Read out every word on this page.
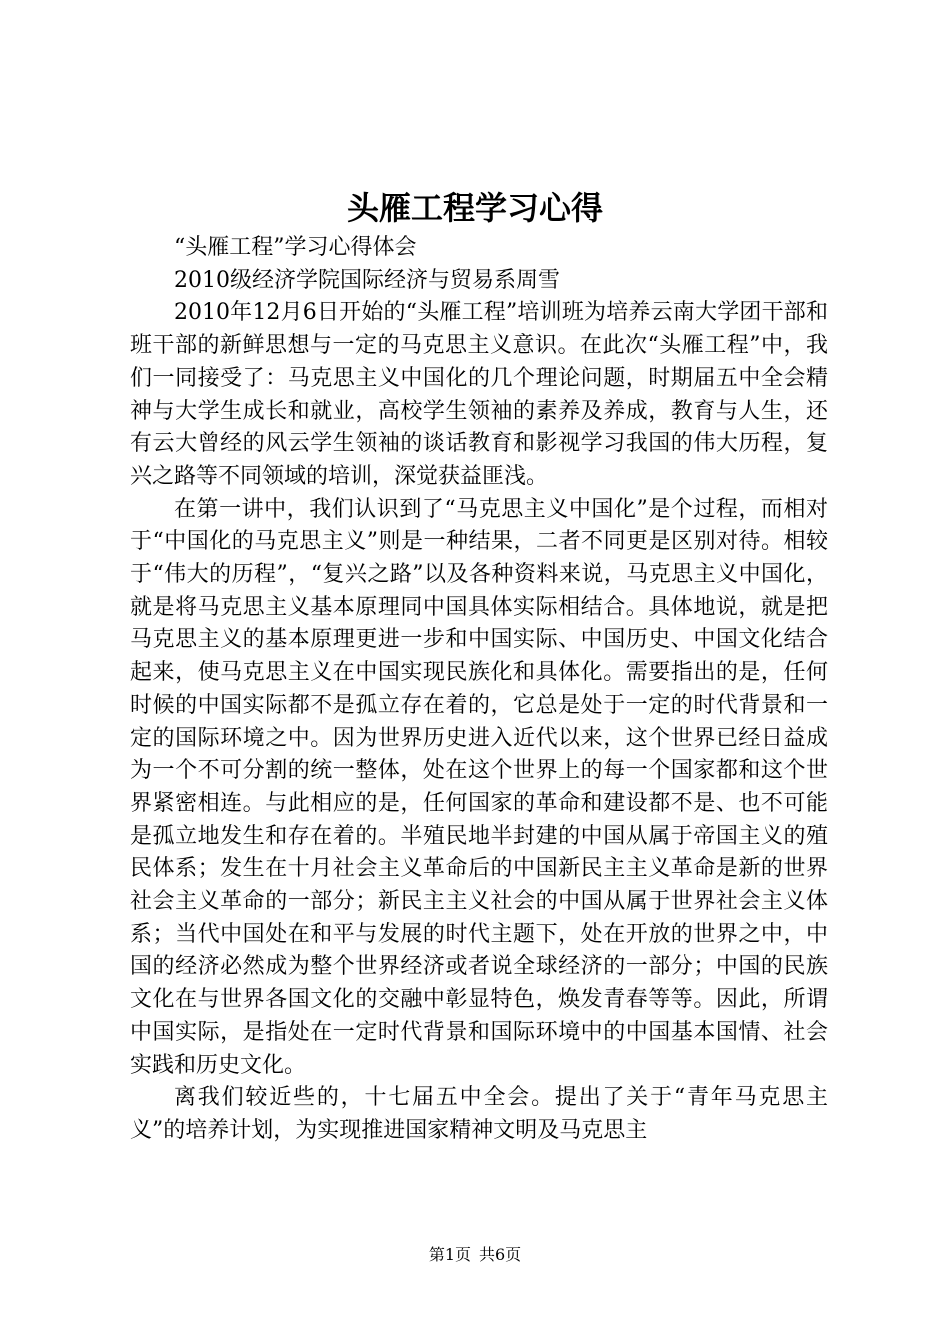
头雁工程学习心得

“头雁工程”学习心得体会

2010级经济学院国际经济与贸易系周雪

2010年12月6日开始的“头雁工程”培训班为培养云南大学团干部和班干部的新鲜思想与一定的马克思主义意识。在此次“头雁工程”中，我们一同接受了：马克思主义中国化的几个理论问题，时期届五中全会精神与大学生成长和就业，高校学生领袖的素养及养成，教育与人生，还有云大曾经的风云学生领袖的谈话教育和影视学习我国的伟大历程，复兴之路等不同领域的培训，深觉获益匪浅。

在第一讲中，我们认识到了“马克思主义中国化”是个过程，而相对于“中国化的马克思主义”则是一种结果，二者不同更是区别对待。相较于“伟大的历程”，“复兴之路”以及各种资料来说，马克思主义中国化，就是将马克思主义基本原理同中国具体实际相结合。具体地说，就是把马克思主义的基本原理更进一步和中国实际、中国历史、中国文化结合起来，使马克思主义在中国实现民族化和具体化。需要指出的是，任何时候的中国实际都不是孤立存在着的，它总是处于一定的时代背景和一定的国际环境之中。因为世界历史进入近代以来，这个世界已经日益成为一个不可分割的统一整体，处在这个世界上的每一个国家都和这个世界紧密相连。与此相应的是，任何国家的革命和建设都不是、也不可能是孤立地发生和存在着的。半殖民地半封建的中国从属于帝国主义的殖民体系；发生在十月社会主义革命后的中国新民主主义革命是新的世界社会主义革命的一部分；新民主主义社会的中国从属于世界社会主义体系；当代中国处在和平与发展的时代主题下，处在开放的世界之中，中国的经济必然成为整个世界经济或者说全球经济的一部分；中国的民族文化在与世界各国文化的交融中彰显特色，焕发青春等等。因此，所谓中国实际，是指处在一定时代背景和国际环境中的中国基本国情、社会实践和历史文化。

离我们较近些的，十七届五中全会。提出了关于“青年马克思主义”的培养计划，为实现推进国家精神文明及马克思主

第1页 共6页
